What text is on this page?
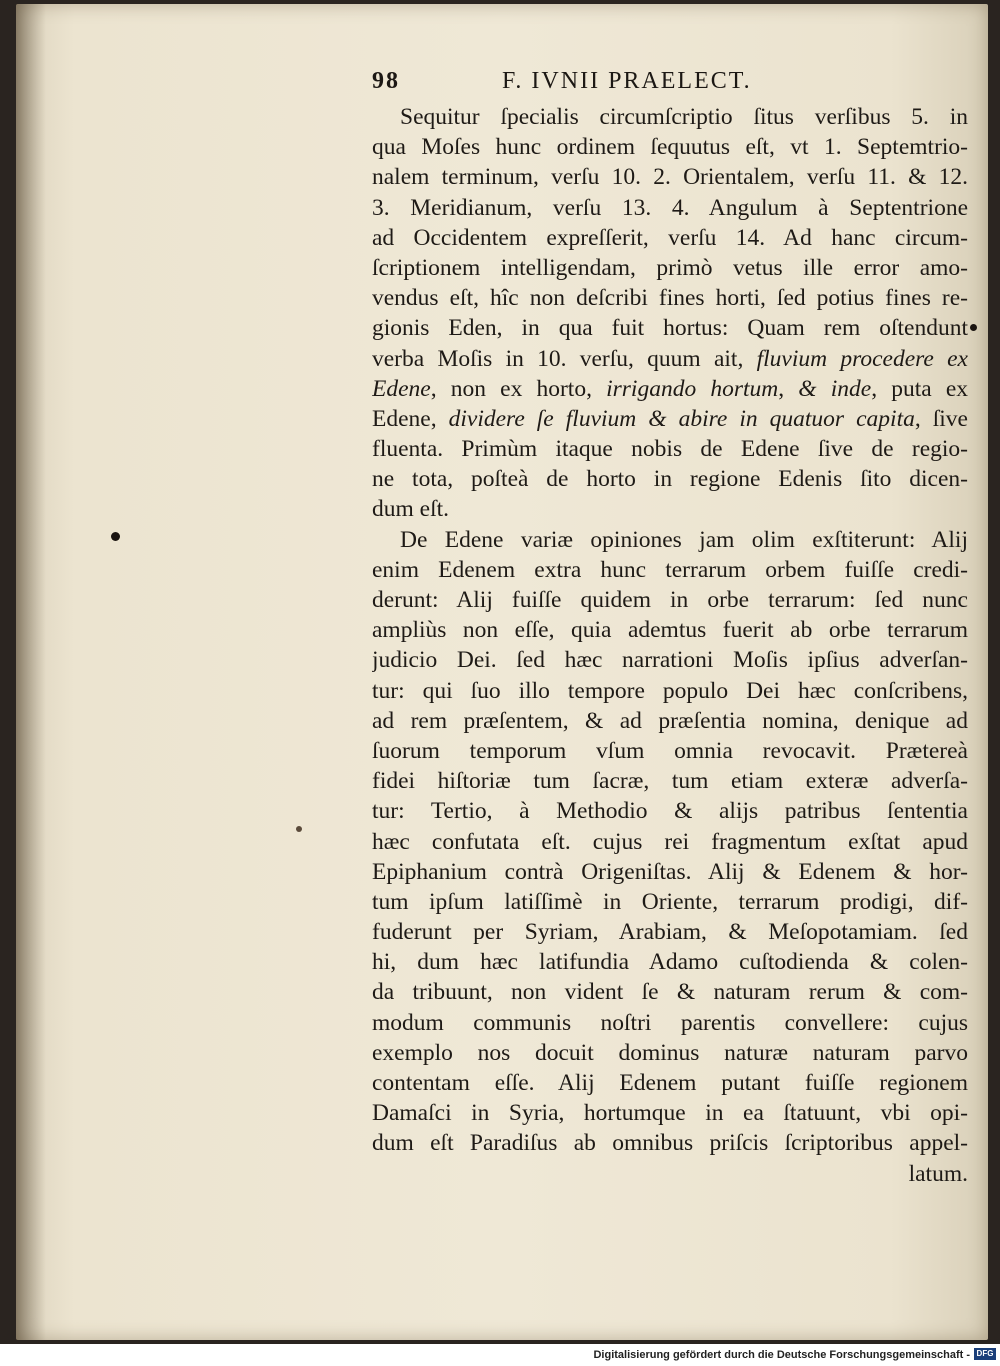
98	F. IVNII PRAELECT.
Sequitur ſpecialis circumſcriptio ſitus verſibus 5. in
qua Moſes hunc ordinem ſequutus eſt, vt 1. Septemtrio-
nalem terminum, verſu 10. 2. Orientalem, verſu 11. & 12.
3. Meridianum, verſu 13. 4. Angulum à Septentrione
ad Occidentem expreſſerit, verſu 14. Ad hanc circum-
ſcriptionem intelligendam, primò vetus ille error amo-
vendus eſt, hîc non deſcribi fines horti, ſed potius fines re-
gionis Eden, in qua fuit hortus: Quam rem oſtendunt
verba Moſis in 10. verſu, quum ait, fluvium procedere ex
Edene, non ex horto, irrigando hortum, & inde, puta ex
Edene, dividere ſe fluvium & abire in quatuor capita, ſive
fluenta. Primùm itaque nobis de Edene ſive de regio-
ne tota, poſteà de horto in regione Edenis ſito dicen-
dum eſt.
De Edene variæ opiniones jam olim exſtiterunt: Alij
enim Edenem extra hunc terrarum orbem fuiſſe credi-
derunt: Alij fuiſſe quidem in orbe terrarum: ſed nunc
ampliùs non eſſe, quia ademtus fuerit ab orbe terrarum
judicio Dei. ſed hæc narrationi Moſis ipſius adverſan-
tur: qui ſuo illo tempore populo Dei hæc conſcribens,
ad rem præſentem, & ad præſentia nomina, denique ad
ſuorum temporum vſum omnia revocavit. Prætereà
fidei hiſtoriæ tum ſacræ, tum etiam exteræ adverſa-
tur: Tertio, à Methodio & alijs patribus ſententia
hæc confutata eſt. cujus rei fragmentum exſtat apud
Epiphanium contrà Origeniſtas. Alij & Edenem & hor-
tum ipſum latiſſimè in Oriente, terrarum prodigi, dif-
fuderunt per Syriam, Arabiam, & Meſopotamiam. ſed
hi, dum hæc latifundia Adamo cuſtodienda & colen-
da tribuunt, non vident ſe & naturam rerum & com-
modum communis noſtri parentis convellere: cujus
exemplo nos docuit dominus naturæ naturam parvo
contentam eſſe. Alij Edenem putant fuiſſe regionem
Damaſci in Syria, hortumque in ea ſtatuunt, vbi opi-
dum eſt Paradiſus ab omnibus priſcis ſcriptoribus appel-
latum.
Digitalisierung gefördert durch die Deutsche Forschungsgemeinschaft - DFG
